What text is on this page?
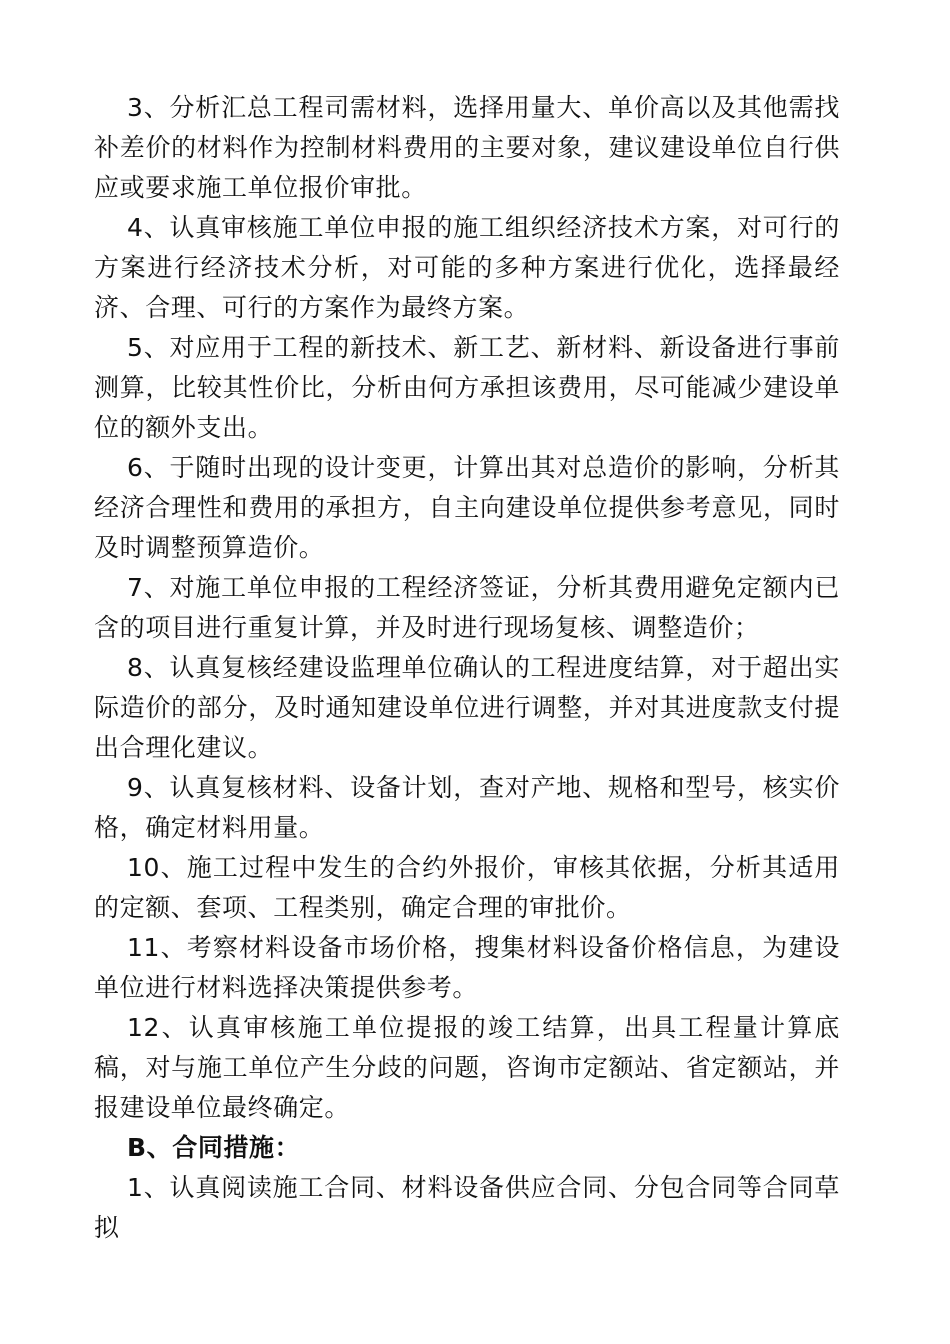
3、分析汇总工程司需材料，选择用量大、单价高以及其他需找补差价的材料作为控制材料费用的主要对象，建议建设单位自行供应或要求施工单位报价审批。

4、认真审核施工单位申报的施工组织经济技术方案，对可行的方案进行经济技术分析，对可能的多种方案进行优化，选择最经济、合理、可行的方案作为最终方案。

5、对应用于工程的新技术、新工艺、新材料、新设备进行事前测算，比较其性价比，分析由何方承担该费用，尽可能减少建设单位的额外支出。

6、于随时出现的设计变更，计算出其对总造价的影响，分析其经济合理性和费用的承担方，自主向建设单位提供参考意见，同时及时调整预算造价。

7、对施工单位申报的工程经济签证，分析其费用避免定额内已含的项目进行重复计算，并及时进行现场复核、调整造价；

8、认真复核经建设监理单位确认的工程进度结算，对于超出实际造价的部分，及时通知建设单位进行调整，并对其进度款支付提出合理化建议。

9、认真复核材料、设备计划，查对产地、规格和型号，核实价格，确定材料用量。

10、施工过程中发生的合约外报价，审核其依据，分析其适用的定额、套项、工程类别，确定合理的审批价。

11、考察材料设备市场价格，搜集材料设备价格信息，为建设单位进行材料选择决策提供参考。

12、认真审核施工单位提报的竣工结算，出具工程量计算底稿，对与施工单位产生分歧的问题，咨询市定额站、省定额站，并报建设单位最终确定。

B、合同措施：

1、认真阅读施工合同、材料设备供应合同、分包合同等合同草拟
